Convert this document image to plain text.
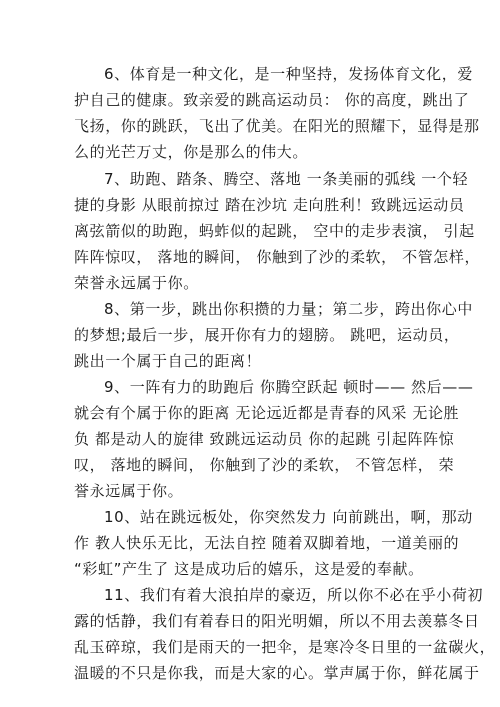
6、体育是一种文化，是一种坚持，发扬体育文化，爱
护自己的健康。致亲爱的跳高运动员： 你的高度，跳出了
飞扬，你的跳跃，飞出了优美。在阳光的照耀下，显得是那
么的光芒万丈，你是那么的伟大。
7、助跑、踏条、腾空、落地 一条美丽的弧线 一个轻
捷的身影 从眼前掠过 踏在沙坑 走向胜利！致跳远运动员
离弦箭似的助跑，蚂蚱似的起跳， 空中的走步表演， 引起
阵阵惊叹， 落地的瞬间， 你触到了沙的柔软， 不管怎样，
荣誉永远属于你。
8、第一步，跳出你积攒的力量；第二步，跨出你心中
的梦想;最后一步，展开你有力的翅膀。 跳吧，运动员，
跳出一个属于自己的距离！
9、一阵有力的助跑后 你腾空跃起 顿时—— 然后——
就会有个属于你的距离 无论远近都是青春的风采 无论胜
负 都是动人的旋律 致跳远运动员 你的起跳 引起阵阵惊
叹， 落地的瞬间， 你触到了沙的柔软， 不管怎样， 荣
誉永远属于你。
10、站在跳远板处，你突然发力 向前跳出，啊，那动
作 教人快乐无比，无法自控 随着双脚着地，一道美丽的
“彩虹”产生了 这是成功后的嬉乐，这是爱的奉献。
11、我们有着大浪拍岸的豪迈，所以你不必在乎小荷初
露的恬静，我们有着春日的阳光明媚，所以不用去羡慕冬日
乱玉碎琼，我们是雨天的一把伞，是寒冷冬日里的一盆碳火，
温暖的不只是你我，而是大家的心。掌声属于你，鲜花属于
